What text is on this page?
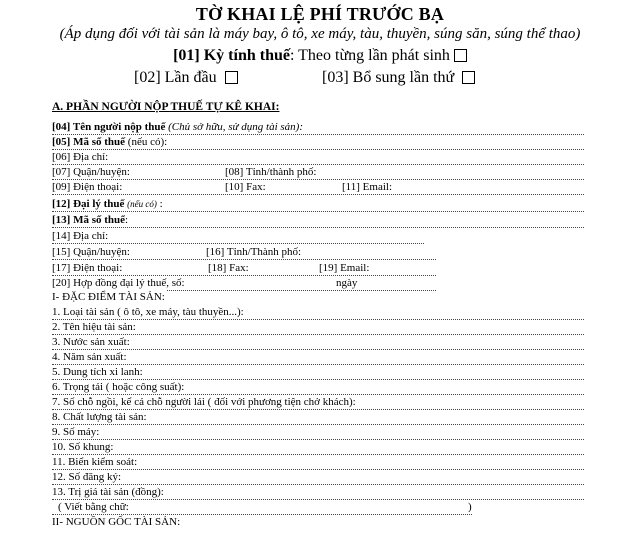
TỜ KHAI LỆ PHÍ TRƯỚC BẠ
(Áp dụng đối với tài sản là máy bay, ô tô, xe máy, tàu, thuyền, súng săn, súng thể thao)
[01] Kỳ tính thuế: Theo từng lần phát sinh
[02] Lần đầu	[03] Bổ sung lần thứ
A. PHẦN NGƯỜI NỘP THUẾ TỰ KÊ KHAI:
[04] Tên người nộp thuế (Chủ sở hữu, sử dụng tài sản):
[05] Mã số thuế (nếu có):
[06] Địa chỉ:
[07] Quận/huyện:	[08] Tỉnh/thành phố:
[09] Điện thoại:	[10] Fax:	[11] Email:
[12] Đại lý thuế (nếu có) :
[13] Mã số thuế:
[14] Địa chỉ:
[15] Quận/huyện:	[16] Tỉnh/Thành phố:
[17] Điện thoại:	[18] Fax:	[19] Email:
[20] Hợp đồng đại lý thuế, số:	ngày
I- ĐẶC ĐIỂM TÀI SẢN:
1. Loại tài sản ( ô tô, xe máy, tàu thuyền...):
2. Tên hiệu tài sản:
3. Nước sản xuất:
4. Năm sản xuất:
5. Dung tích xi lanh:
6. Trọng tải ( hoặc công suất):
7. Số chỗ ngồi, kể cả chỗ người lái ( đối với phương tiện chở khách):
8. Chất lượng tài sản:
9. Số máy:
10. Số khung:
11. Biển kiểm soát:
12. Số đăng ký:
13. Trị giá tài sản (đồng):
( Viết bằng chữ:	)
II- NGUỒN GỐC TÀI SẢN:
